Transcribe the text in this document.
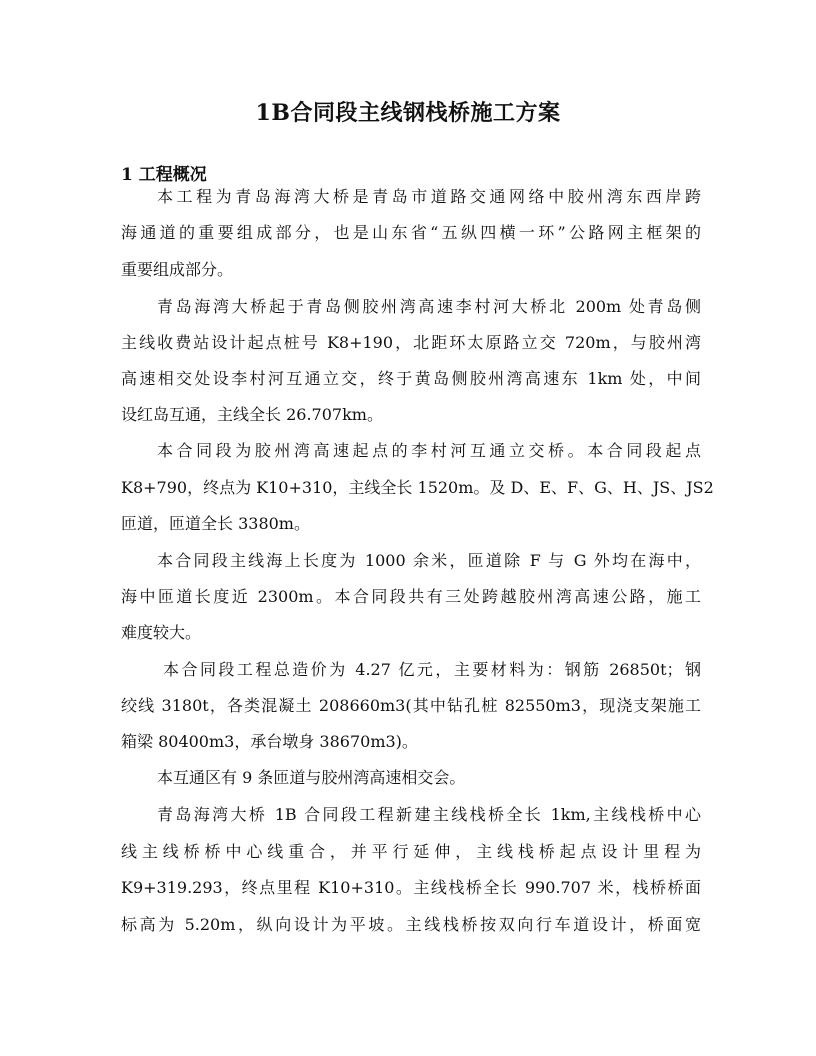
1B合同段主线钢栈桥施工方案
1 工程概况

本工程为青岛海湾大桥是青岛市道路交通网络中胶州湾东西岸跨

海通道的重要组成部分，也是山东省“五纵四横一环”公路网主框架的

重要组成部分。

青岛海湾大桥起于青岛侧胶州湾高速李村河大桥北 200m 处青岛侧

主线收费站设计起点桩号 K8+190，北距环太原路立交 720m，与胶州湾

高速相交处设李村河互通立交，终于黄岛侧胶州湾高速东 1km 处，中间

设红岛互通，主线全长 26.707km。

本合同段为胶州湾高速起点的李村河互通立交桥。本合同段起点

K8+790，终点为 K10+310，主线全长 1520m。及 D、E、F、G、H、JS、JS2

匝道，匝道全长 3380m。

本合同段主线海上长度为 1000 余米，匝道除 F 与 G 外均在海中，

海中匝道长度近 2300m。本合同段共有三处跨越胶州湾高速公路，施工

难度较大。

本合同段工程总造价为 4.27 亿元，主要材料为：钢筋 26850t；钢

绞线 3180t，各类混凝土 208660m3(其中钻孔桩 82550m3，现浇支架施工

箱梁 80400m3，承台墩身 38670m3)。

本互通区有 9 条匝道与胶州湾高速相交会。

青岛海湾大桥 1B 合同段工程新建主线栈桥全长 1km,主线栈桥中心

线主线桥桥中心线重合，并平行延伸，主线栈桥起点设计里程为

K9+319.293，终点里程 K10+310。主线栈桥全长 990.707 米，栈桥桥面

标高为 5.20m，纵向设计为平坡。主线栈桥按双向行车道设计，桥面宽
